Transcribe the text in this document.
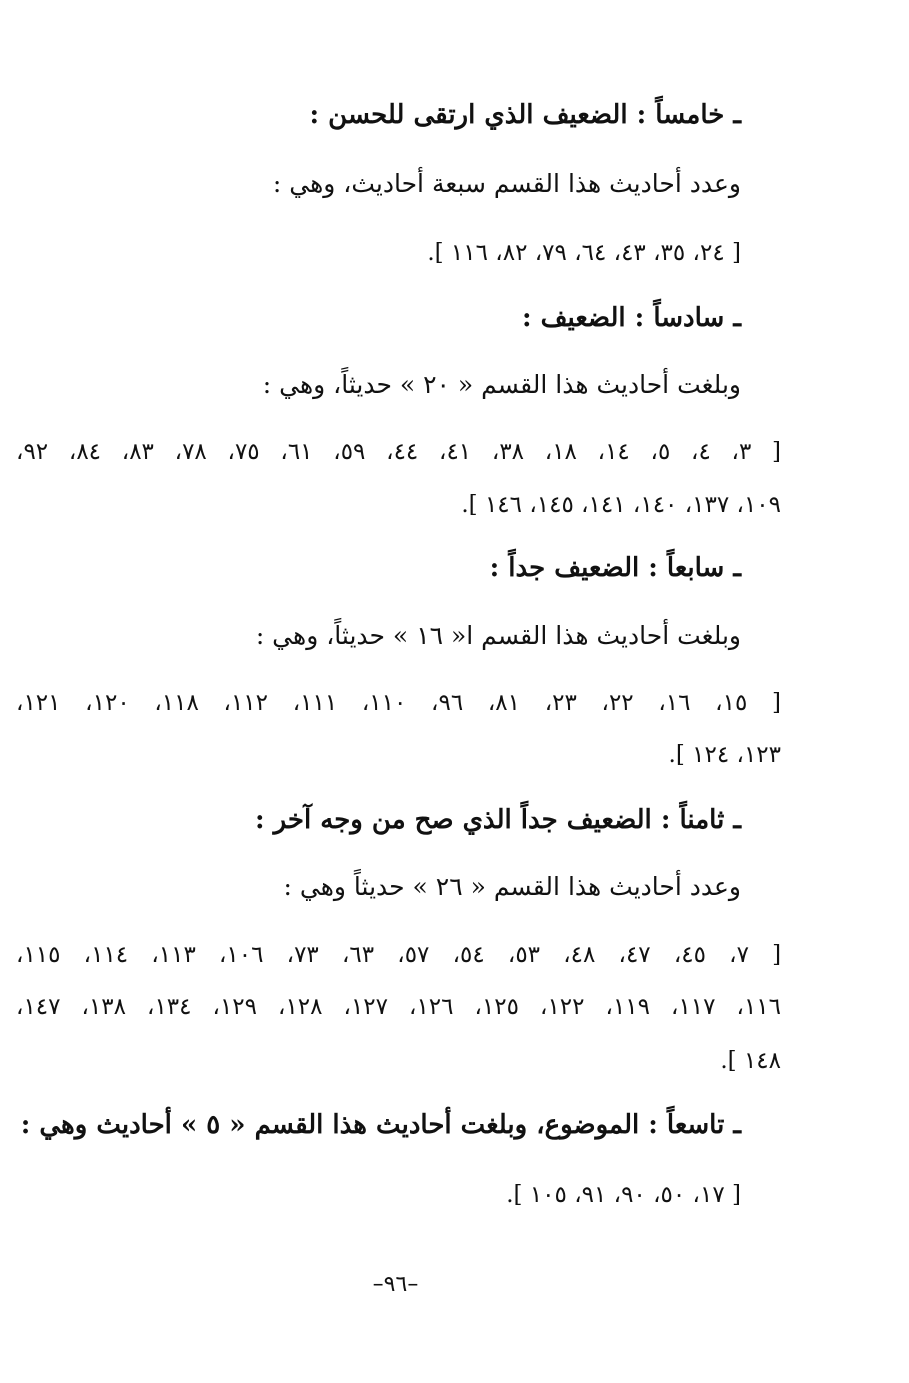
ـ خامساً : الضعيف الذي ارتقى للحسن :
وعدد أحاديث هذا القسم سبعة أحاديث، وهي :
[ ٢٤، ٣٥، ٤٣، ٦٤، ٧٩، ٨٢، ١١٦ ].
ـ سادساً : الضعيف :
وبلغت أحاديث هذا القسم « ٢٠ » حديثاً، وهي :
[ ٣، ٤، ٥، ١٤، ١٨، ٣٨، ٤١، ٤٤، ٥٩، ٦١، ٧٥، ٧٨، ٨٣، ٨٤، ٩٢،
١٠٩، ١٣٧، ١٤٠، ١٤١، ١٤٥، ١٤٦ ].
ـ سابعاً : الضعيف جداً :
وبلغت أحاديث هذا القسم ا« ١٦ » حديثاً، وهي :
[ ١٥، ١٦، ٢٢، ٢٣، ٨١، ٩٦، ١١٠، ١١١، ١١٢، ١١٨، ١٢٠، ١٢١،
١٢٣، ١٢٤ ].
ـ ثامناً : الضعيف جداً الذي صح من وجه آخر :
وعدد أحاديث هذا القسم « ٢٦ » حديثاً وهي :
[ ٧، ٤٥، ٤٧، ٤٨، ٥٣، ٥٤، ٥٧، ٦٣، ٧٣، ١٠٦، ١١٣، ١١٤، ١١٥،
١١٦، ١١٧، ١١٩، ١٢٢، ١٢٥، ١٢٦، ١٢٧، ١٢٨، ١٢٩، ١٣٤، ١٣٨، ١٤٧،
١٤٨ ].
ـ تاسعاً : الموضوع، وبلغت أحاديث هذا القسم « ٥ » أحاديث وهي :
[ ١٧، ٥٠، ٩٠، ٩١، ١٠٥ ].
–٩٦–
